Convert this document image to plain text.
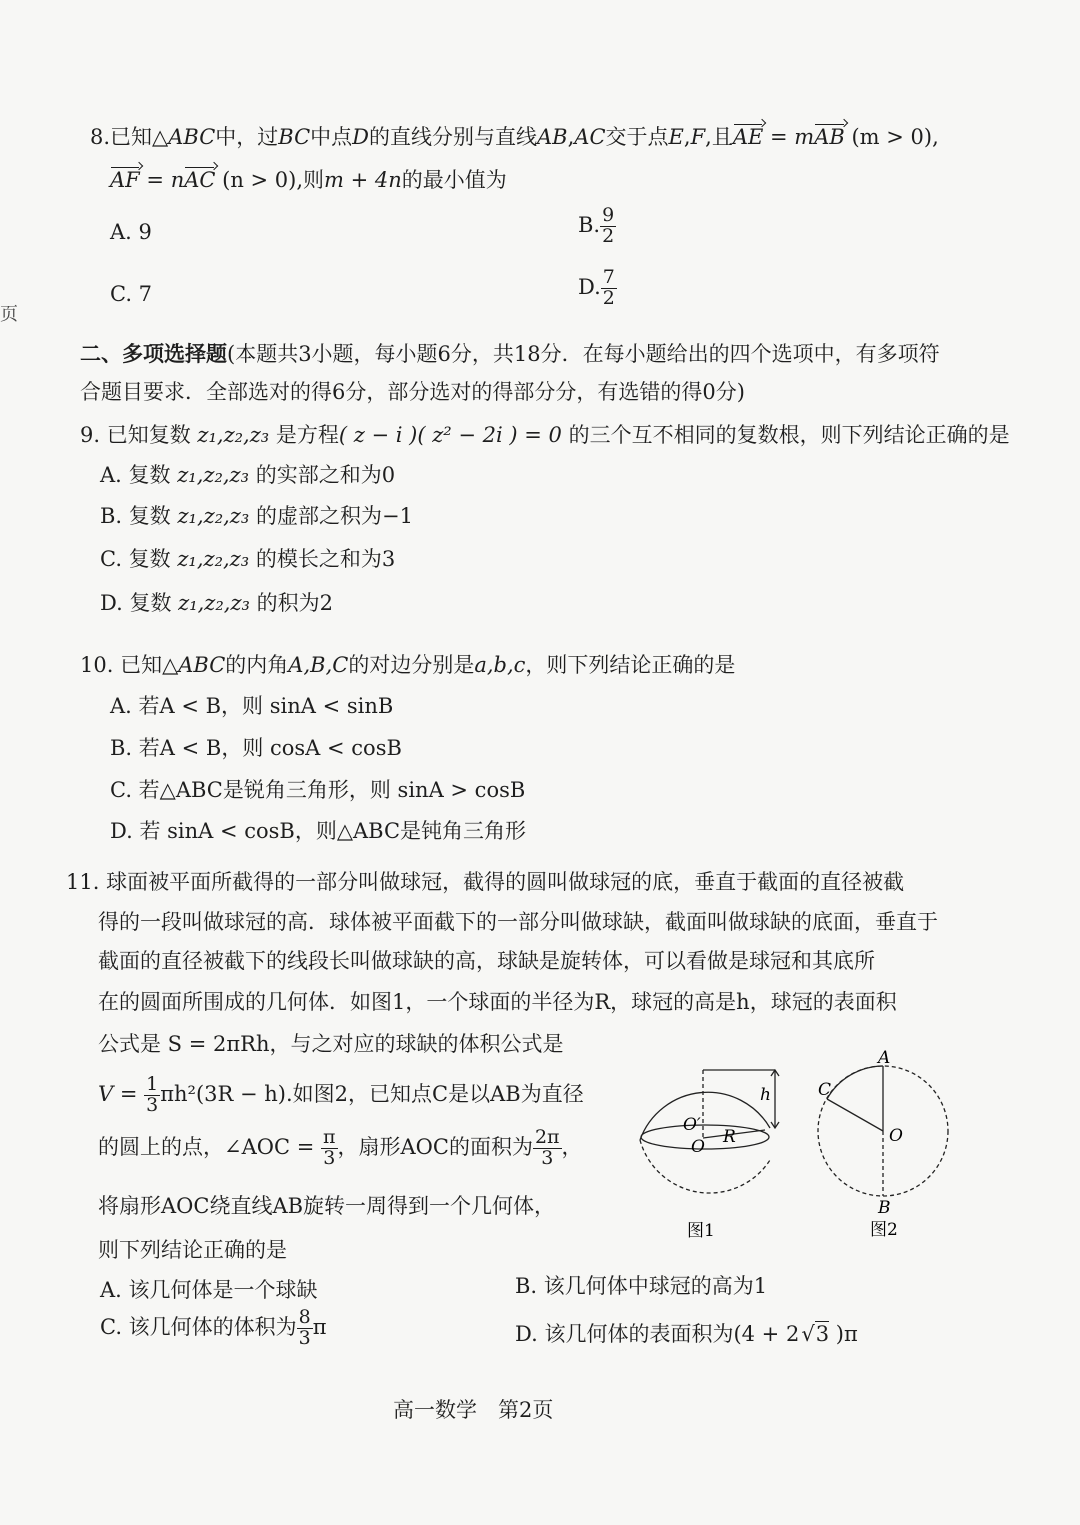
页
8.已知△ABC中，过BC中点D的直线分别与直线AB,AC交于点E,F,且AE = mAB (m > 0),
AF = nAC (n > 0),则m + 4n的最小值为
A. 9	B. $\frac{9}{2}$
C. 7	D. $\frac{7}{2}$
二、多项选择题(本题共3小题，每小题6分，共18分．在每小题给出的四个选项中，有多项符
合题目要求．全部选对的得6分，部分选对的得部分分，有选错的得0分)
9. 已知复数 z₁,z₂,z₃ 是方程( z − i )( z² − 2i ) = 0 的三个互不相同的复数根，则下列结论正确的是
A. 复数 z₁,z₂,z₃ 的实部之和为0
B. 复数 z₁,z₂,z₃ 的虚部之积为−1
C. 复数 z₁,z₂,z₃ 的模长之和为3
D. 复数 z₁,z₂,z₃ 的积为2
10. 已知△ABC的内角A,B,C的对边分别是a,b,c，则下列结论正确的是
A. 若A < B，则 sinA < sinB
B. 若A < B，则 cosA < cosB
C. 若△ABC是锐角三角形，则 sinA > cosB
D. 若 sinA < cosB，则△ABC是钝角三角形
11. 球面被平面所截得的一部分叫做球冠，截得的圆叫做球冠的底，垂直于截面的直径被截
得的一段叫做球冠的高．球体被平面截下的一部分叫做球缺，截面叫做球缺的底面，垂直于
截面的直径被截下的线段长叫做球缺的高，球缺是旋转体，可以看做是球冠和其底所
在的圆面所围成的几何体．如图1，一个球面的半径为R，球冠的高是h，球冠的表面积
公式是 S = 2πRh，与之对应的球缺的体积公式是
$V = \frac{1}{3} \pi h^2(3R - h)$.如图2，已知点C是以AB为直径
的圆上的点，∠AOC = $\frac{\pi}{3}$ ，扇形AOC的面积为 $\frac{2\pi}{3}$ ，
将扇形AOC绕直线AB旋转一周得到一个几何体，
则下列结论正确的是
A. 该几何体是一个球缺	B. 该几何体中球冠的高为1
C. 该几何体的体积为 $\frac{8}{3}$ π	D. 该几何体的表面积为(4 + 2√3 )π
h
O′
O R
图1
A
C
O
B
图2
高一数学　第2页
